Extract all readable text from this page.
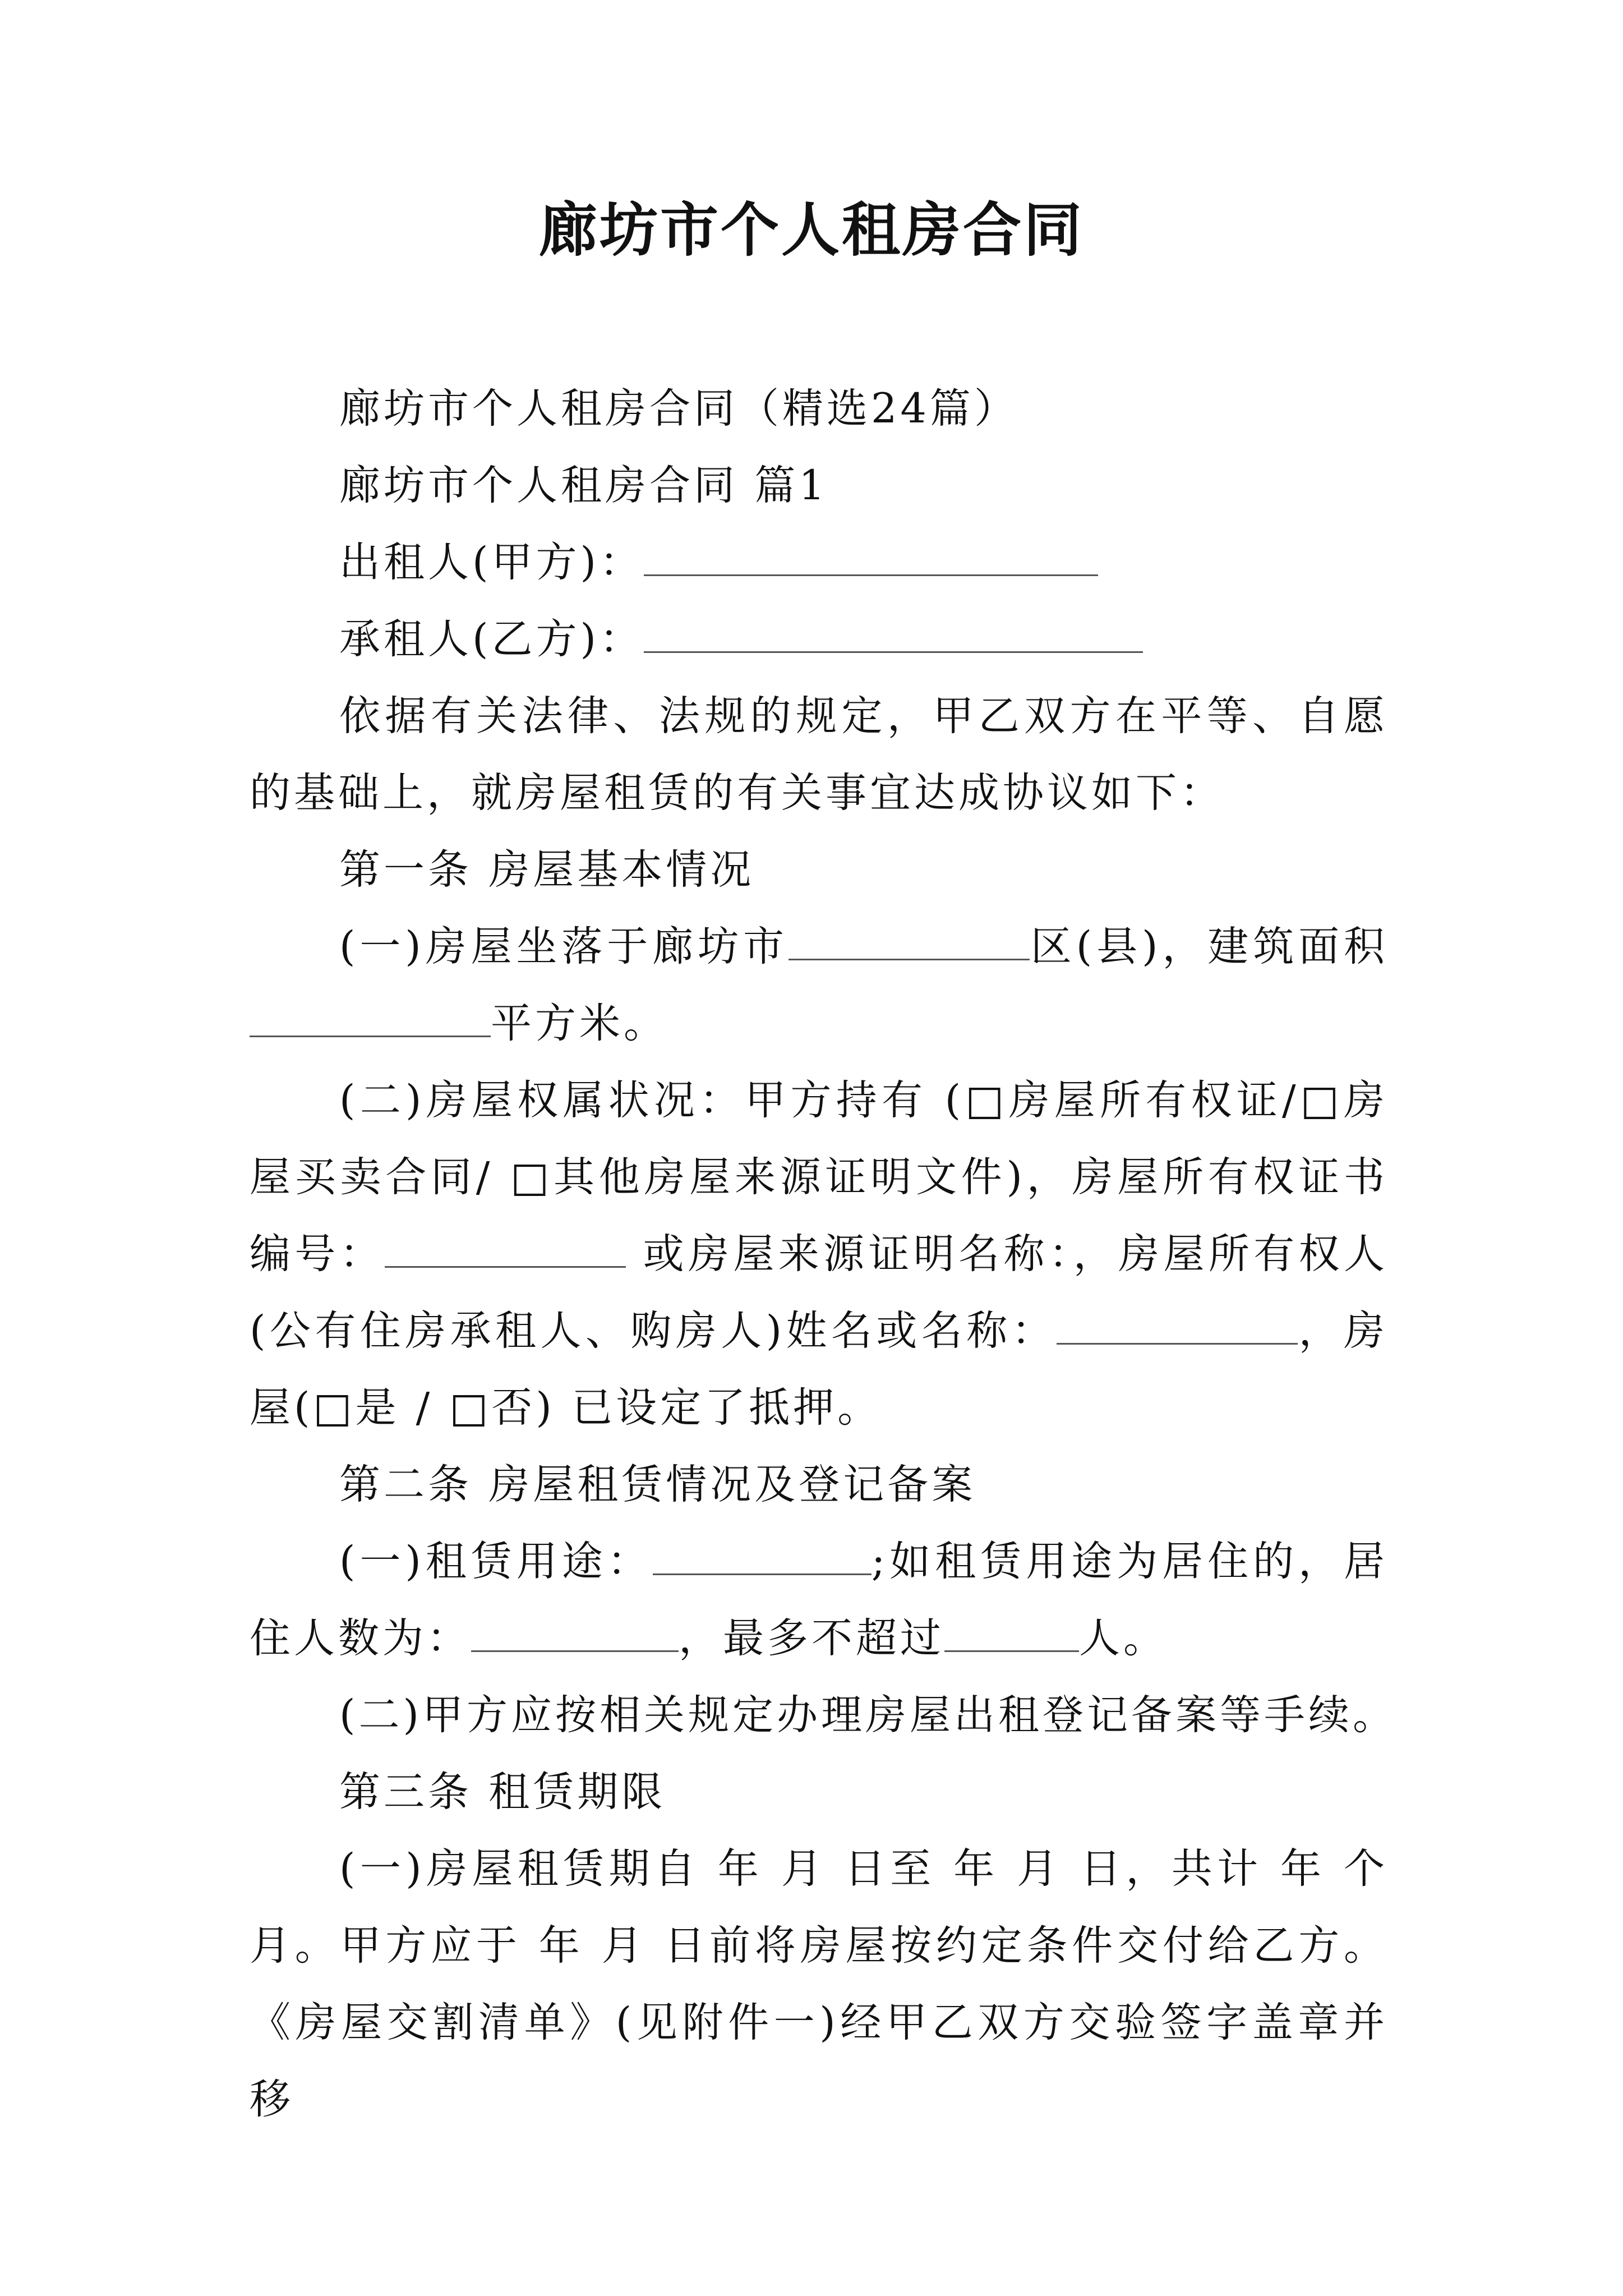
廊坊市个人租房合同

廊坊市个人租房合同（精选24篇）

廊坊市个人租房合同 篇1

出租人(甲方)：

承租人(乙方)：

依据有关法律、法规的规定，甲乙双方在平等、自愿的基础上，就房屋租赁的有关事宜达成协议如下：

第一条 房屋基本情况

(一)房屋坐落于廊坊市	区(县)，建筑面积平方米。

(二)房屋权属状况：甲方持有 (□房屋所有权证/□房屋买卖合同/ □其他房屋来源证明文件)，房屋所有权证书编号：	或房屋来源证明名称：，房屋所有权人(公有住房承租人、购房人)姓名或名称：	，房屋(□是 / □否) 已设定了抵押。

第二条 房屋租赁情况及登记备案

(一)租赁用途：	;如租赁用途为居住的，居住人数为：	，最多不超过	人。

(二)甲方应按相关规定办理房屋出租登记备案等手续。

第三条 租赁期限

(一)房屋租赁期自 年 月 日至 年 月 日，共计 年 个月。甲方应于 年 月 日前将房屋按约定条件交付给乙方。《房屋交割清单》(见附件一)经甲乙双方交验签字盖章并移
